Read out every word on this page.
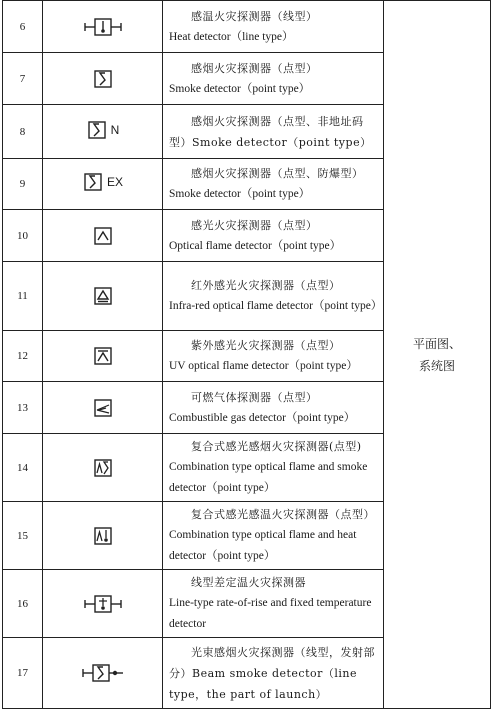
6		感温火灾探测器（线型）
Heat detector（line type）	平面图、系统图
7		感烟火灾探测器（点型）
Smoke detector（point type）	

8	N	感烟火灾探测器（点型、非地址码型）Smoke detector（point type）	

9	EX	感烟火灾探测器（点型、防爆型）
Smoke detector（point type）	

10		感光火灾探测器（点型）
Optical flame detector（point type）	

11		红外感光火灾探测器（点型）
Infra-red optical flame detector（point type）	

12		紫外感光火灾探测器（点型）
UV optical flame detector（point type）	

13		可燃气体探测器（点型）
Combustible gas detector（point type）	

14		复合式感光感烟火灾探测器(点型)
Combination type optical flame and smoke detector（point type）	

15		复合式感光感温火灾探测器（点型）
Combination type optical flame and heat detector（point type）	

16		线型差定温火灾探测器
Line-type rate-of-rise and fixed temperature detector	

17		光束感烟火灾探测器（线型，发射部分）Beam smoke detector（line type，the part of launch）	
